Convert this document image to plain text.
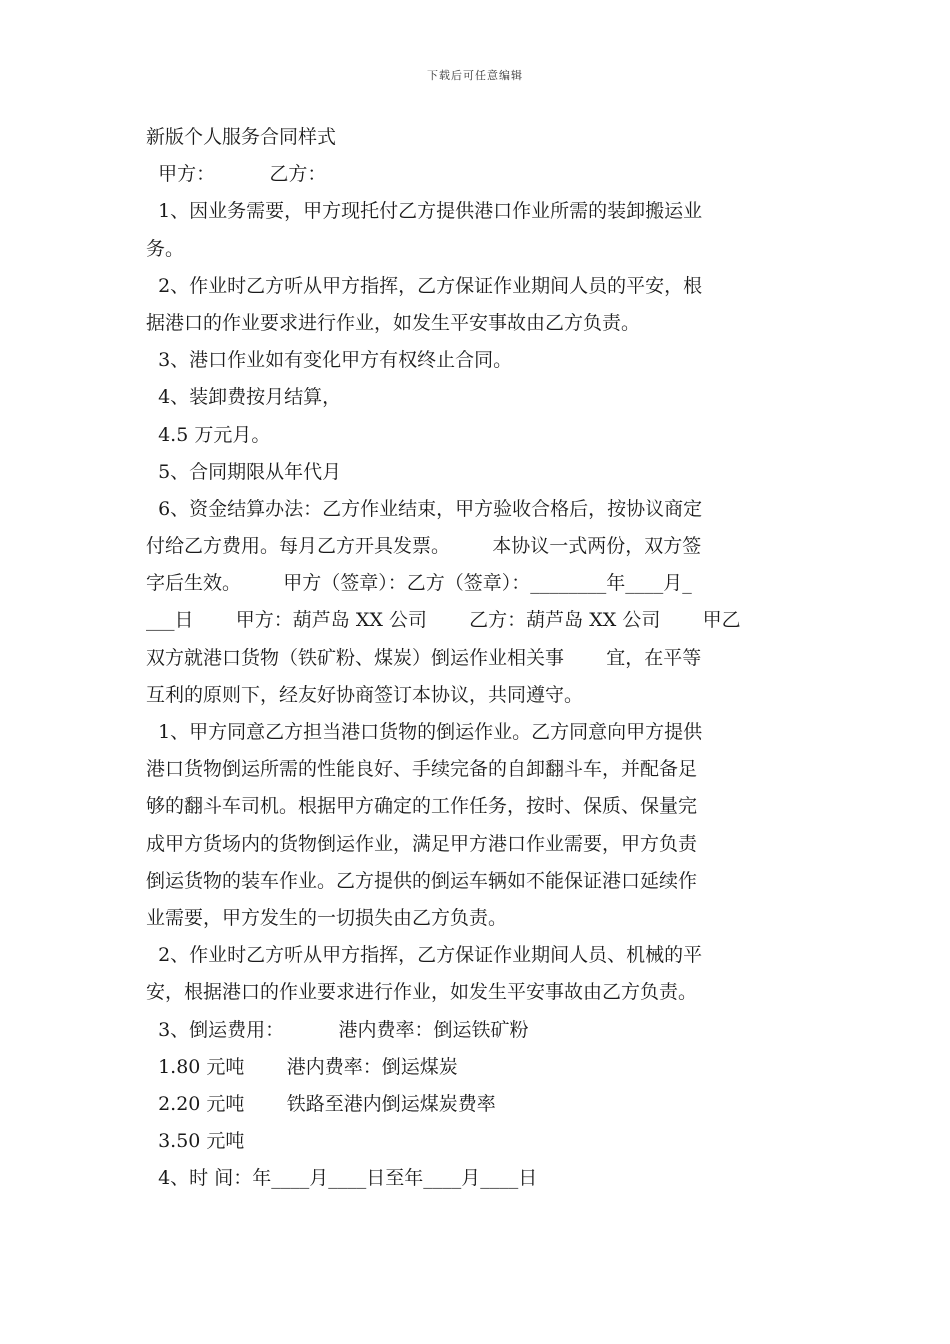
下载后可任意编辑
新版个人服务合同样式
甲方：         乙方：
1、因业务需要，甲方现托付乙方提供港口作业所需的装卸搬运业
务。
2、作业时乙方听从甲方指挥，乙方保证作业期间人员的平安，根
据港口的作业要求进行作业，如发生平安事故由乙方负责。
3、港口作业如有变化甲方有权终止合同。
4、装卸费按月结算，
4.5 万元月。
5、合同期限从年代月
6、资金结算办法：乙方作业结束，甲方验收合格后，按协议商定
付给乙方费用。每月乙方开具发票。       本协议一式两份，双方签
字后生效。       甲方（签章）：乙方（签章）：________年____月_
___日       甲方：葫芦岛 XX 公司       乙方：葫芦岛 XX 公司       甲乙
双方就港口货物（铁矿粉、煤炭）倒运作业相关事       宜，在平等
互利的原则下，经友好协商签订本协议，共同遵守。
1、甲方同意乙方担当港口货物的倒运作业。乙方同意向甲方提供
港口货物倒运所需的性能良好、手续完备的自卸翻斗车，并配备足
够的翻斗车司机。根据甲方确定的工作任务，按时、保质、保量完
成甲方货场内的货物倒运作业，满足甲方港口作业需要，甲方负责
倒运货物的装车作业。乙方提供的倒运车辆如不能保证港口延续作
业需要，甲方发生的一切损失由乙方负责。
2、作业时乙方听从甲方指挥，乙方保证作业期间人员、机械的平
安，根据港口的作业要求进行作业，如发生平安事故由乙方负责。
3、倒运费用：         港内费率：倒运铁矿粉
1.80 元吨       港内费率：倒运煤炭
2.20 元吨       铁路至港内倒运煤炭费率
3.50 元吨
4、时 间：年____月____日至年____月____日
